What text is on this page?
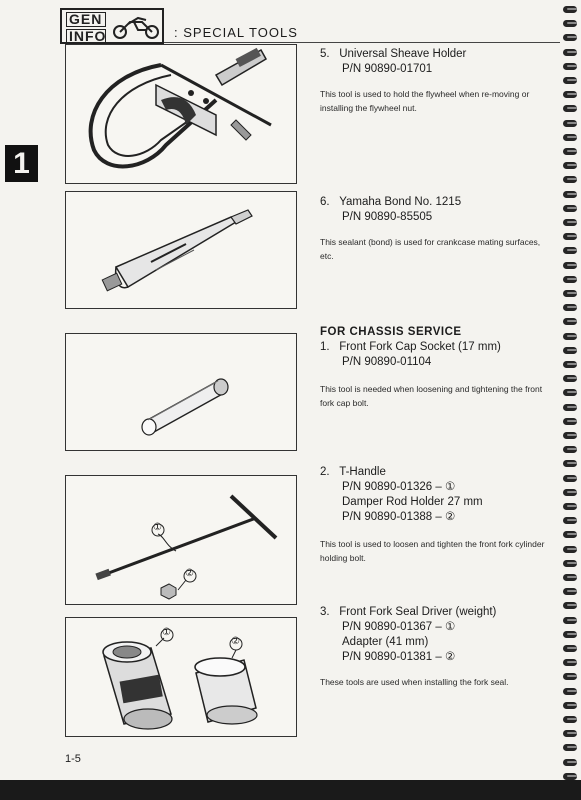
GEN
INFO	: SPECIAL TOOLS
1
①
②
①
②
5. Universal Sheave Holder
P/N 90890-01701
This tool is used to hold the flywheel when re-moving or installing the flywheel nut.
6. Yamaha Bond No. 1215
P/N 90890-85505
This sealant (bond) is used for crankcase mating surfaces, etc.
FOR CHASSIS SERVICE
1. Front Fork Cap Socket (17 mm)
P/N 90890-01104
This tool is needed when loosening and tightening the front fork cap bolt.
2. T-Handle
P/N 90890-01326 – ①
Damper Rod Holder 27 mm
P/N 90890-01388 – ②
This tool is used to loosen and tighten the front fork cylinder holding bolt.
3. Front Fork Seal Driver (weight)
P/N 90890-01367 – ①
Adapter (41 mm)
P/N 90890-01381 – ②
These tools are used when installing the fork seal.
1-5
